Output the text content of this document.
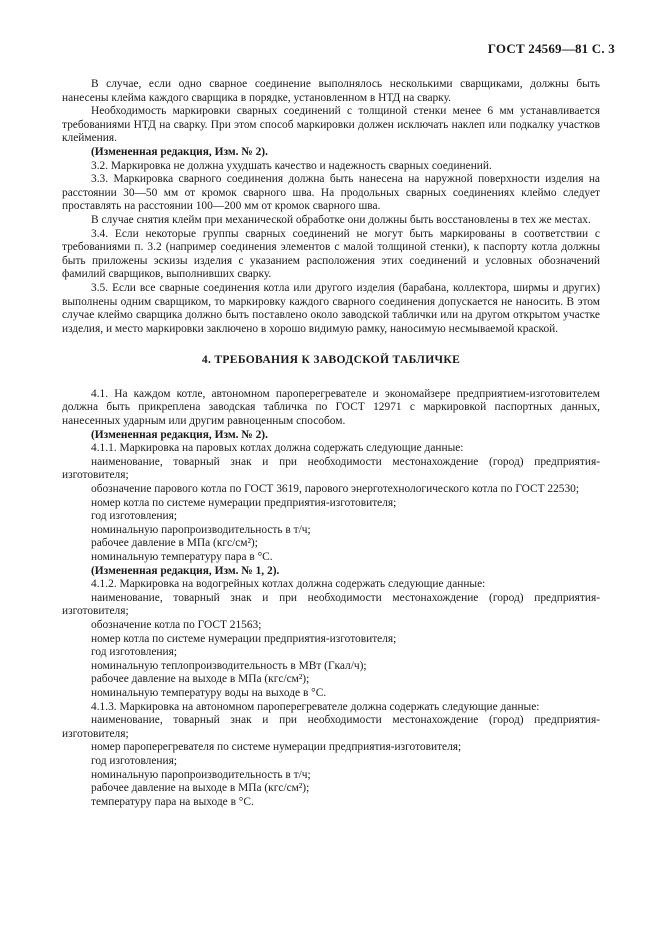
ГОСТ 24569—81 С. 3

В случае, если одно сварное соединение выполнялось несколькими сварщиками, должны быть нанесены клейма каждого сварщика в порядке, установленном в НТД на сварку.

Необходимость маркировки сварных соединений с толщиной стенки менее 6 мм устанавливается требованиями НТД на сварку. При этом способ маркировки должен исключать наклеп или подкалку участков клеймения.

(Измененная редакция, Изм. № 2).

3.2. Маркировка не должна ухудшать качество и надежность сварных соединений.

3.3. Маркировка сварного соединения должна быть нанесена на наружной поверхности изделия на расстоянии 30—50 мм от кромок сварного шва. На продольных сварных соединениях клеймо следует проставлять на расстоянии 100—200 мм от кромок сварного шва.

В случае снятия клейм при механической обработке они должны быть восстановлены в тех же местах.

3.4. Если некоторые группы сварных соединений не могут быть маркированы в соответствии с требованиями п. 3.2 (например соединения элементов с малой толщиной стенки), к паспорту котла должны быть приложены эскизы изделия с указанием расположения этих соединений и условных обозначений фамилий сварщиков, выполнивших сварку.

3.5. Если все сварные соединения котла или другого изделия (барабана, коллектора, ширмы и других) выполнены одним сварщиком, то маркировку каждого сварного соединения допускается не наносить. В этом случае клеймо сварщика должно быть поставлено около заводской таблички или на другом открытом участке изделия, и место маркировки заключено в хорошо видимую рамку, наносимую несмываемой краской.

4. ТРЕБОВАНИЯ К ЗАВОДСКОЙ ТАБЛИЧКЕ

4.1. На каждом котле, автономном пароперегревателе и экономайзере предприятием-изготовителем должна быть прикреплена заводская табличка по ГОСТ 12971 с маркировкой паспортных данных, нанесенных ударным или другим равноценным способом.

(Измененная редакция, Изм. № 2).

4.1.1. Маркировка на паровых котлах должна содержать следующие данные:

наименование, товарный знак и при необходимости местонахождение (город) предприятия-изготовителя;

обозначение парового котла по ГОСТ 3619, парового энерготехнологического котла по ГОСТ 22530;

номер котла по системе нумерации предприятия-изготовителя;

год изготовления;

номинальную паропроизводительность в т/ч;

рабочее давление в МПа (кгс/см²);

номинальную температуру пара в °С.

(Измененная редакция, Изм. № 1, 2).

4.1.2. Маркировка на водогрейных котлах должна содержать следующие данные:

наименование, товарный знак и при необходимости местонахождение (город) предприятия-изготовителя;

обозначение котла по ГОСТ 21563;

номер котла по системе нумерации предприятия-изготовителя;

год изготовления;

номинальную теплопроизводительность в МВт (Гкал/ч);

рабочее давление на выходе в МПа (кгс/см²);

номинальную температуру воды на выходе в °С.

4.1.3. Маркировка на автономном пароперегревателе должна содержать следующие данные:

наименование, товарный знак и при необходимости местонахождение (город) предприятия-изготовителя;

номер пароперегревателя по системе нумерации предприятия-изготовителя;

год изготовления;

номинальную паропроизводительность в т/ч;

рабочее давление на выходе в МПа (кгс/см²);

температуру пара на выходе в °С.
